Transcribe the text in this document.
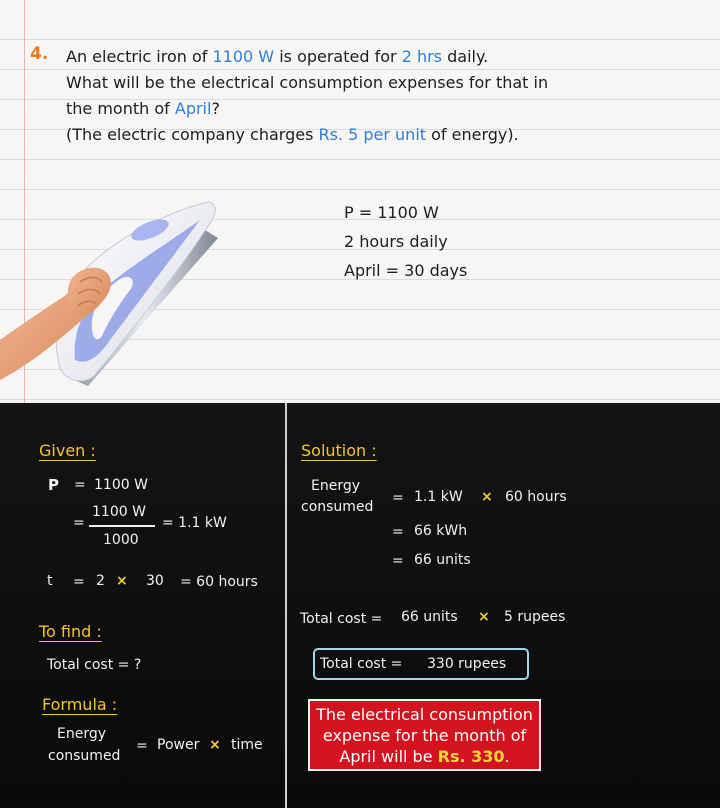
4. An electric iron of 1100 W is operated for 2 hrs daily.
What will be the electrical consumption expenses for that in
the month of April?
(The electric company charges Rs. 5 per unit of energy).
P = 1100 W
2 hours daily
April = 30 days
Given :
P = 1100 W
=
1100 W
1000
= 1.1 kW
t = 2 × 30 = 60 hours
To find :
Total cost = ?
Formula :
Energy
consumed
= Power × time
Solution :
Energy
consumed
= 1.1 kW × 60 hours
= 66 kWh
= 66 units
Total cost = 66 units × 5 rupees
Total cost = 330 rupees
The electrical consumption
expense for the month of
April will be Rs. 330.
